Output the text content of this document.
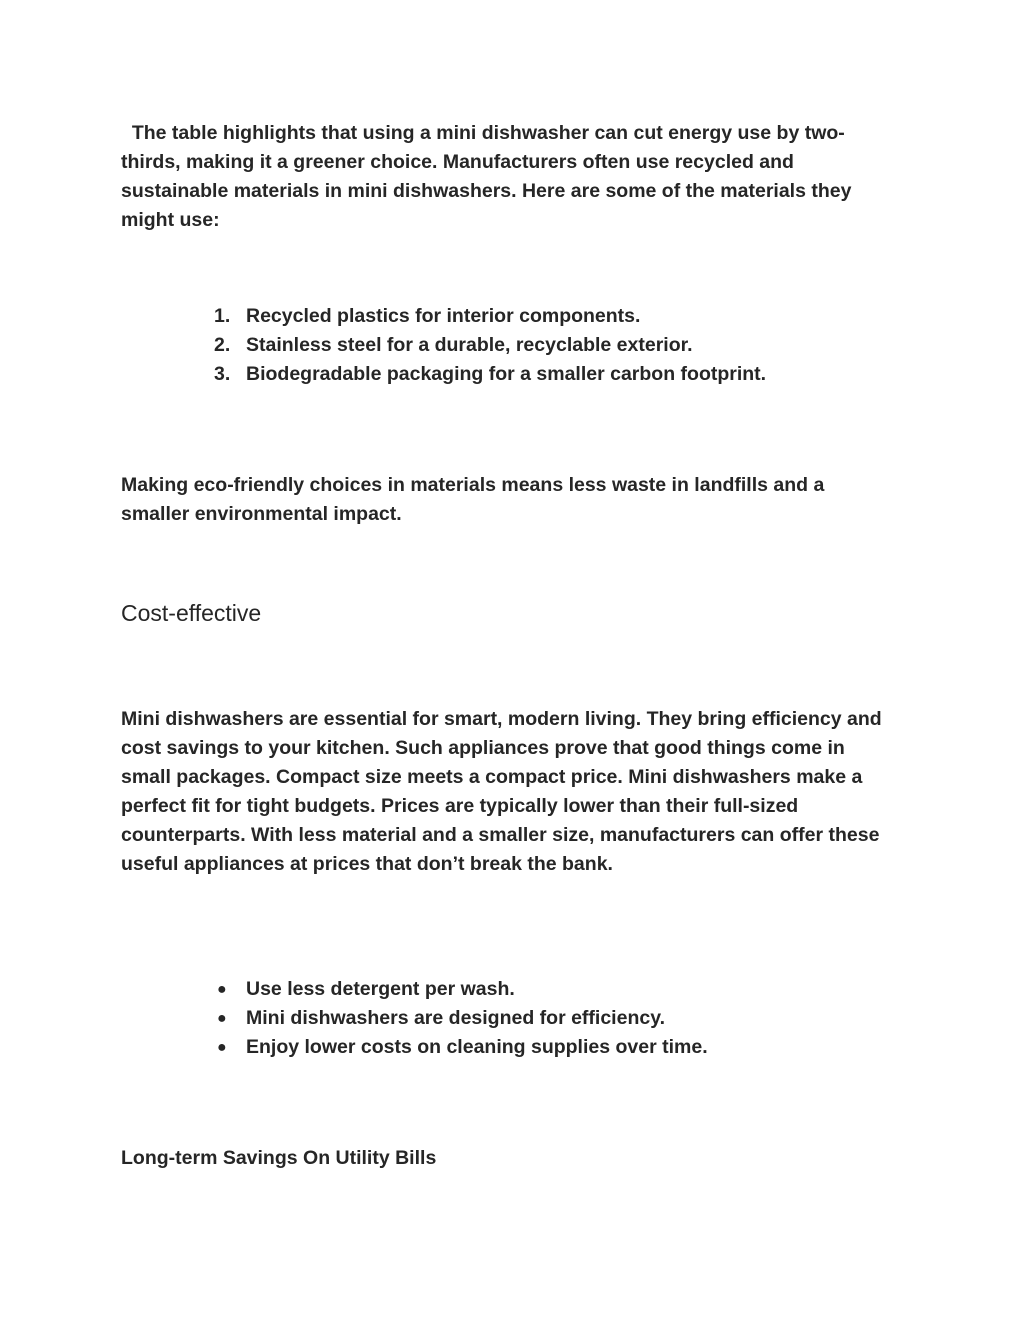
The table highlights that using a mini dishwasher can cut energy use by two-thirds, making it a greener choice. Manufacturers often use recycled and sustainable materials in mini dishwashers. Here are some of the materials they might use:

1. Recycled plastics for interior components.
2. Stainless steel for a durable, recyclable exterior.
3. Biodegradable packaging for a smaller carbon footprint.

Making eco-friendly choices in materials means less waste in landfills and a smaller environmental impact.

Cost-effective

Mini dishwashers are essential for smart, modern living. They bring efficiency and cost savings to your kitchen. Such appliances prove that good things come in small packages. Compact size meets a compact price. Mini dishwashers make a perfect fit for tight budgets. Prices are typically lower than their full-sized counterparts. With less material and a smaller size, manufacturers can offer these useful appliances at prices that don’t break the bank.

● Use less detergent per wash.
● Mini dishwashers are designed for efficiency.
● Enjoy lower costs on cleaning supplies over time.
Long-term Savings On Utility Bills
